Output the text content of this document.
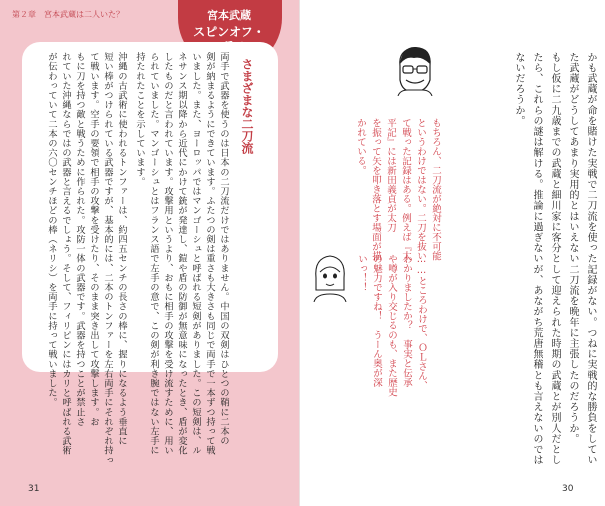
第２章　宮本武蔵は二人いた？	宮本武蔵
スピンオフ・
さまざまな二刀流
両手で武器を使うのは日本の二刀流だけではありません。中国の双剣はひとつの鞘に二本の
剣が納まるようにできています。ふたつの剣は重さも大きさも同じで両手で一本ずつ持って戦
いました。また、ヨーロッパではマンゴーシュと呼ばれる短剣がありました。この短剣は、ル
ネサンス期以降から近代にかけて銃が発達し、鎧や盾の防御が無意味になったとき、盾が変化
したものだと言われています。攻撃用というより、おもに相手の攻撃を受け流すために、用い
られていました。マンゴーシュとはフランス語で左手の意で、この剣が利き腕ではない左手に
持たれたことを示しています。
沖縄の古武術に使われるトンファーは、約四五センチの長さの棒に、握りになるよう垂直に
短い棒がつけられている武器ですが、基本的には、二本のトンファーを左右両手にそれぞれ持っ
て戦います。空手の要領で相手の攻撃を受けたり、そのまま突き出して攻撃します。お
もに刀を持つ敵と戦うために作られた。攻防一体の武器です。武器を持つことが禁止さ
れていた沖縄ならではの武器と言えるでしょう。そして、フィリピンにはカリと呼ばれる武術
が伝わっていて二本の六〇センチほどの棒（ネリシ）を両手に持って戦いました。
31
かも武蔵が命を賭けた実戦で二刀流を使った記録がない。つねに実戦的な勝負をしてい
た武蔵がどうしてあまり実用的とはいえない二刀流を晩年に主張したのだろうか。
もし仮に二九歳までの武蔵と細川家に客分として迎えられた時期の武蔵とが別人だとし
たら、これらの謎は解ける。推論に過ぎないが、あながち荒唐無稽とも言えないのでは
ないだろうか。
もちろん、二刀流が絶対に不可能
というわけではない。二刀を抜い
て戦った記録はある。例えば『太
平記』には新田義貞が太刀
を振って矢を叩き落とす場面が描
かれている。
……ところわけで、ＯＬさん、
わかりましたか？　事実と伝承
や噂が入り交じるのも、また歴史
の魅力ですね！　うーん奥が深
いっ！！
30
